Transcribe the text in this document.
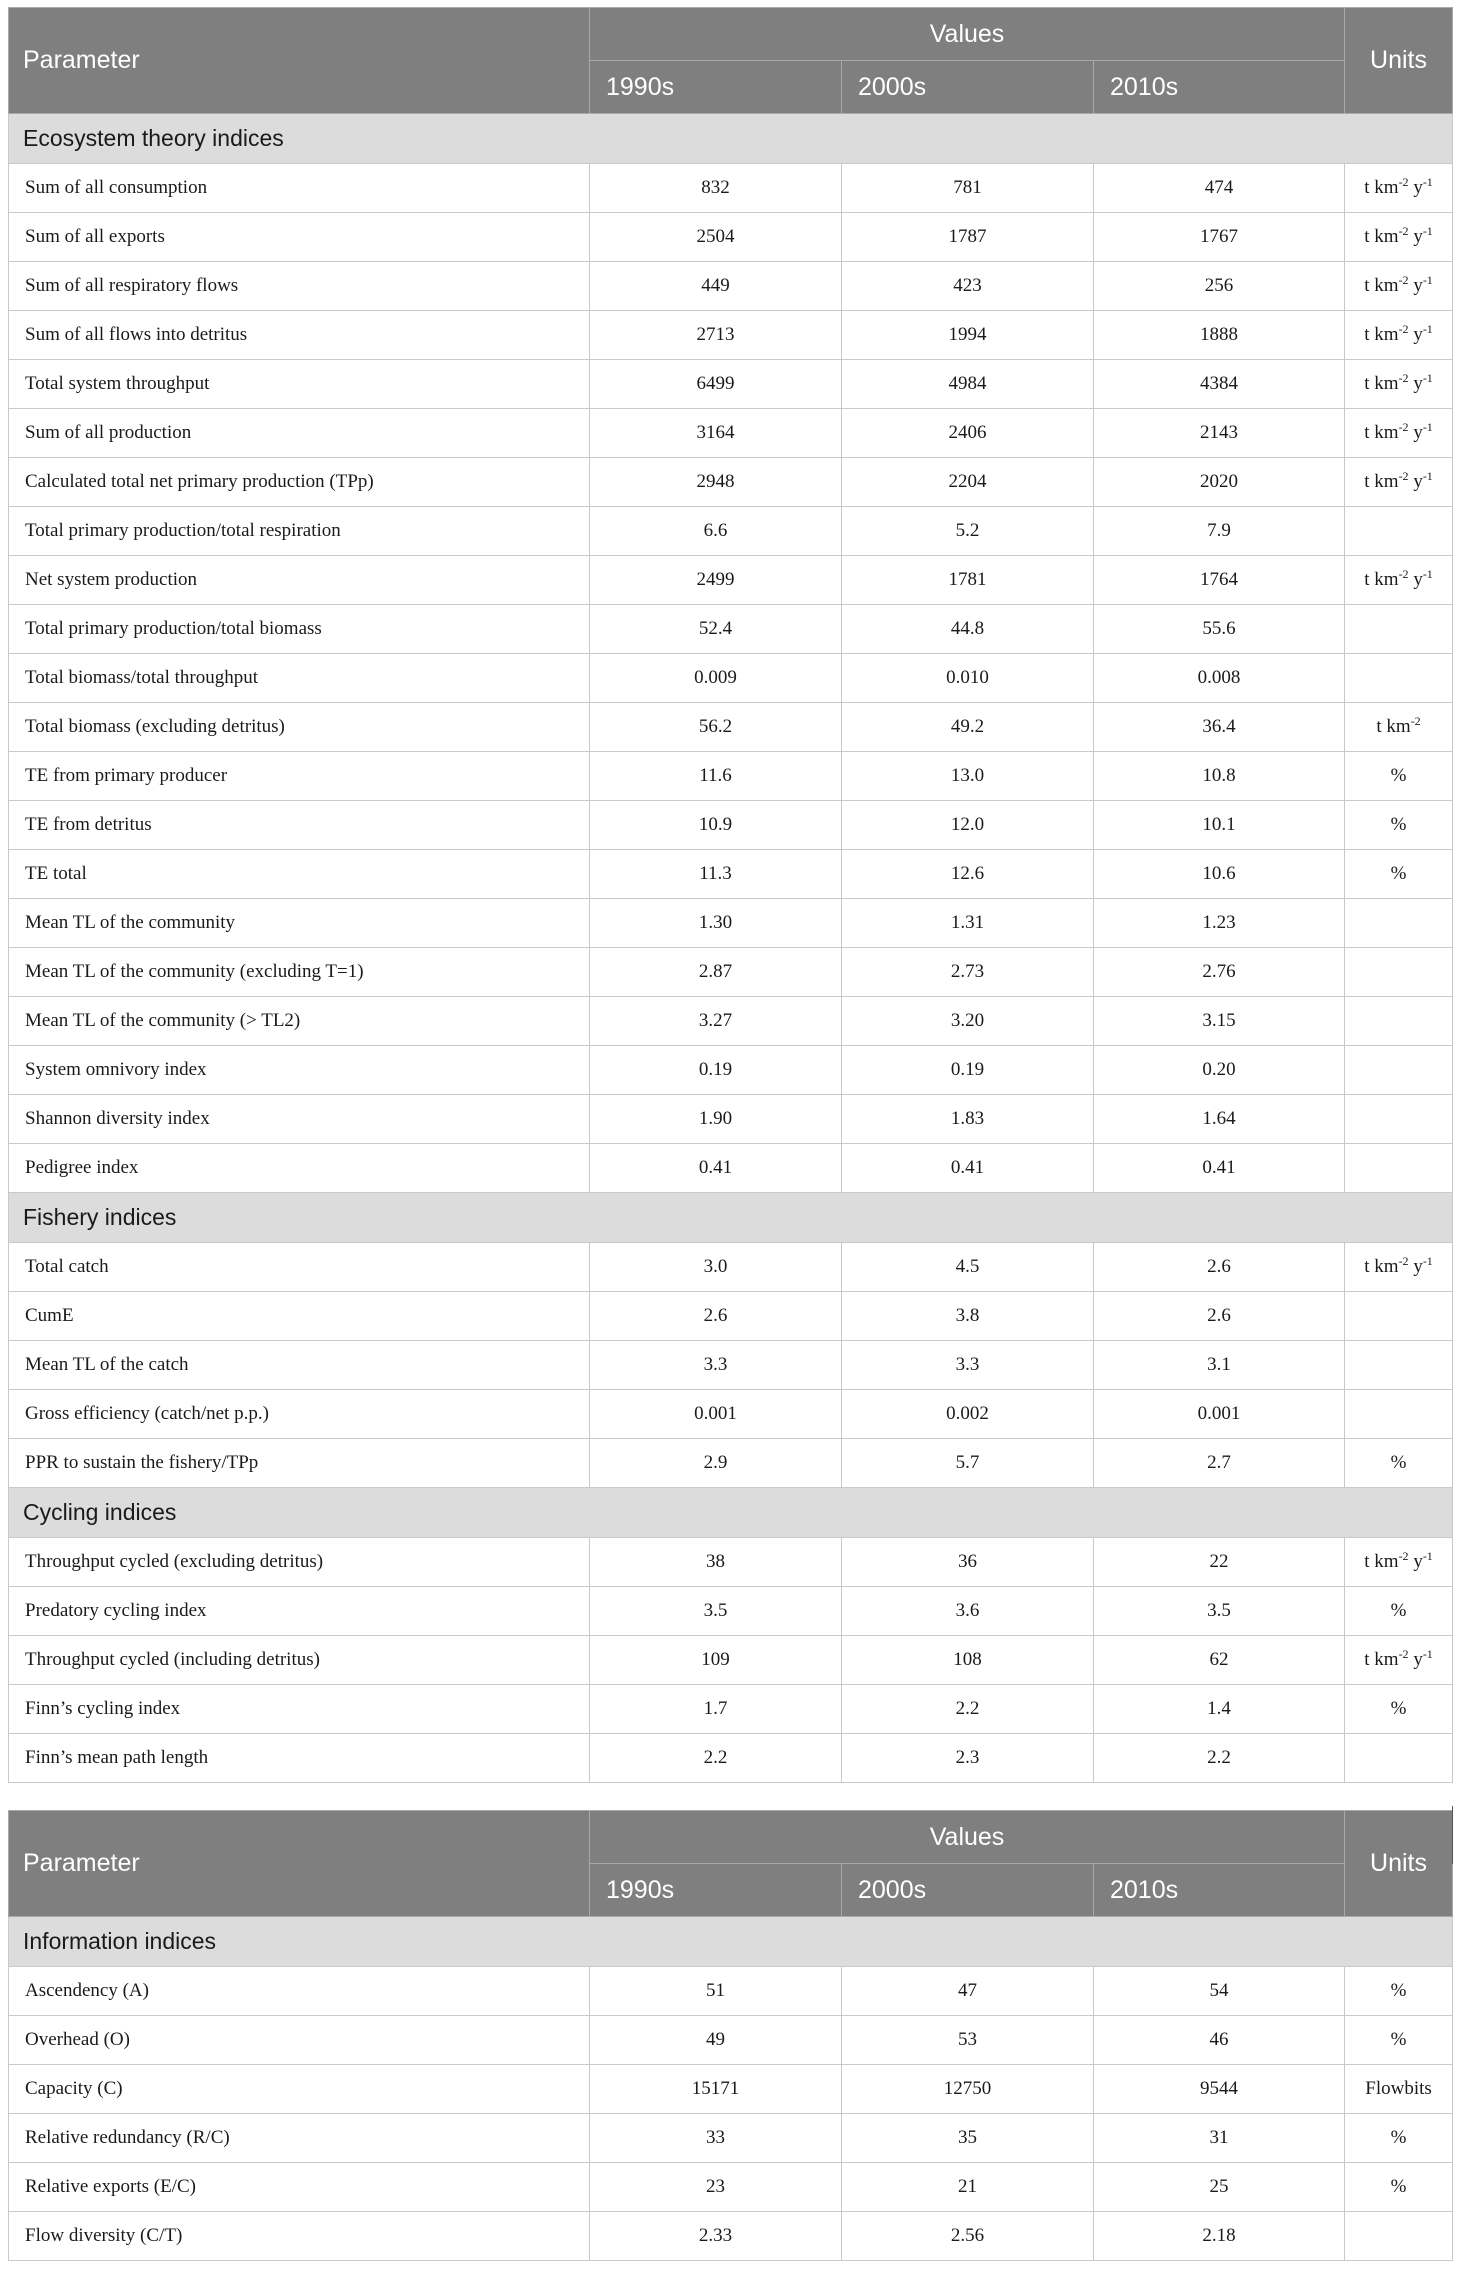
Parameter	Values			Units
	1990s	2000s	2010s	
Ecosystem theory indices				
Sum of all consumption	832	781	474	t $km^{-2}$ $y^{-1}$
Sum of all exports	2504	1787	1767	t $km^{-2}$ $y^{-1}$
Sum of all respiratory flows	449	423	256	t $km^{-2}$ $y^{-1}$
Sum of all flows into detritus	2713	1994	1888	t $km^{-2}$ $y^{-1}$
Total system throughput	6499	4984	4384	t $km^{-2}$ $y^{-1}$
Sum of all production	3164	2406	2143	t $km^{-2}$ $y^{-1}$
Calculated total net primary production (TPp)	2948	2204	2020	t $km^{-2}$ $y^{-1}$
Total primary production/total respiration	6.6	5.2	7.9	
Net system production	2499	1781	1764	t $km^{-2}$ $y^{-1}$
Total primary production/total biomass	52.4	44.8	55.6	
Total biomass/total throughput	0.009	0.010	0.008	
Total biomass (excluding detritus)	56.2	49.2	36.4	t $km^{-2}$
TE from primary producer	11.6	13.0	10.8	%
TE from detritus	10.9	12.0	10.1	%
TE total	11.3	12.6	10.6	%
Mean TL of the community	1.30	1.31	1.23	
Mean TL of the community (excluding T=1)	2.87	2.73	2.76	
Mean TL of the community (> TL2)	3.27	3.20	3.15	
System omnivory index	0.19	0.19	0.20	
Shannon diversity index	1.90	1.83	1.64	
Pedigree index	0.41	0.41	0.41	
Fishery indices				
Total catch	3.0	4.5	2.6	t $km^{-2}$ $y^{-1}$
CumE	2.6	3.8	2.6	
Mean TL of the catch	3.3	3.3	3.1	
Gross efficiency (catch/net p.p.)	0.001	0.002	0.001	
PPR to sustain the fishery/TPp	2.9	5.7	2.7	%
Cycling indices				
Throughput cycled (excluding detritus)	38	36	22	t $km^{-2}$ $y^{-1}$
Predatory cycling index	3.5	3.6	3.5	%
Throughput cycled (including detritus)	109	108	62	t $km^{-2}$ $y^{-1}$
Finn’s cycling index	1.7	2.2	1.4	%
Finn’s mean path length	2.2	2.3	2.2	
Parameter	Values			Units
	1990s	2000s	2010s	
Information indices				
Ascendency (A)	51	47	54	%
Overhead (O)	49	53	46	%
Capacity (C)	15171	12750	9544	Flowbits
Relative redundancy (R/C)	33	35	31	%
Relative exports (E/C)	23	21	25	%
Flow diversity (C/T)	2.33	2.56	2.18	
